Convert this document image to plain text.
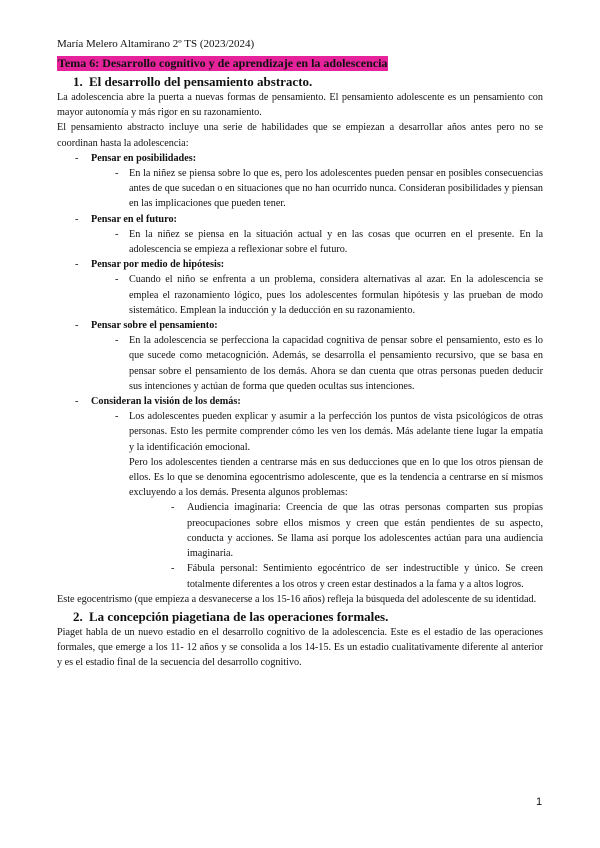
María Melero Altamirano 2º TS (2023/2024)
Tema 6: Desarrollo cognitivo y de aprendizaje en la adolescencia

1. El desarrollo del pensamiento abstracto.

La adolescencia abre la puerta a nuevas formas de pensamiento. El pensamiento adolescente es un pensamiento con mayor autonomía y más rigor en su razonamiento.

El pensamiento abstracto incluye una serie de habilidades que se empiezan a desarrollar años antes pero no se coordinan hasta la adolescencia:

- Pensar en posibilidades:

- En la niñez se piensa sobre lo que es, pero los adolescentes pueden pensar en posibles consecuencias antes de que sucedan o en situaciones que no han ocurrido nunca. Consideran posibilidades y piensan en las implicaciones que pueden tener.

- Pensar en el futuro:

- En la niñez se piensa en la situación actual y en las cosas que ocurren en el presente. En la adolescencia se empieza a reflexionar sobre el futuro.

- Pensar por medio de hipótesis:

- Cuando el niño se enfrenta a un problema, considera alternativas al azar. En la adolescencia se emplea el razonamiento lógico, pues los adolescentes formulan hipótesis y las prueban de modo sistemático. Emplean la inducción y la deducción en su razonamiento.

- Pensar sobre el pensamiento:

- En la adolescencia se perfecciona la capacidad cognitiva de pensar sobre el pensamiento, esto es lo que sucede como metacognición. Además, se desarrolla el pensamiento recursivo, que se basa en pensar sobre el pensamiento de los demás. Ahora se dan cuenta que otras personas pueden deducir sus intenciones y actúan de forma que queden ocultas sus intenciones.

- Consideran la visión de los demás:

- Los adolescentes pueden explicar y asumir a la perfección los puntos de vista psicológicos de otras personas. Esto les permite comprender cómo les ven los demás. Más adelante tiene lugar la empatía y la identificación emocional.

Pero los adolescentes tienden a centrarse más en sus deducciones que en lo que los otros piensan de ellos. Es lo que se denomina egocentrismo adolescente, que es la tendencia a centrarse en sí mismos excluyendo a los demás. Presenta algunos problemas:

- Audiencia imaginaria: Creencia de que las otras personas comparten sus propias preocupaciones sobre ellos mismos y creen que están pendientes de su aspecto, conducta y acciones. Se llama así porque los adolescentes actúan para una audiencia imaginaria.

- Fábula personal: Sentimiento egocéntrico de ser indestructible y único. Se creen totalmente diferentes a los otros y creen estar destinados a la fama y a altos logros.

Este egocentrismo (que empieza a desvanecerse a los 15-16 años) refleja la búsqueda del adolescente de su identidad.

2. La concepción piagetiana de las operaciones formales.

Piaget habla de un nuevo estadio en el desarrollo cognitivo de la adolescencia. Este es el estadio de las operaciones formales, que emerge a los 11- 12 años y se consolida a los 14-15. Es un estadio cualitativamente diferente al anterior y es el estadio final de la secuencia del desarrollo cognitivo.

1
